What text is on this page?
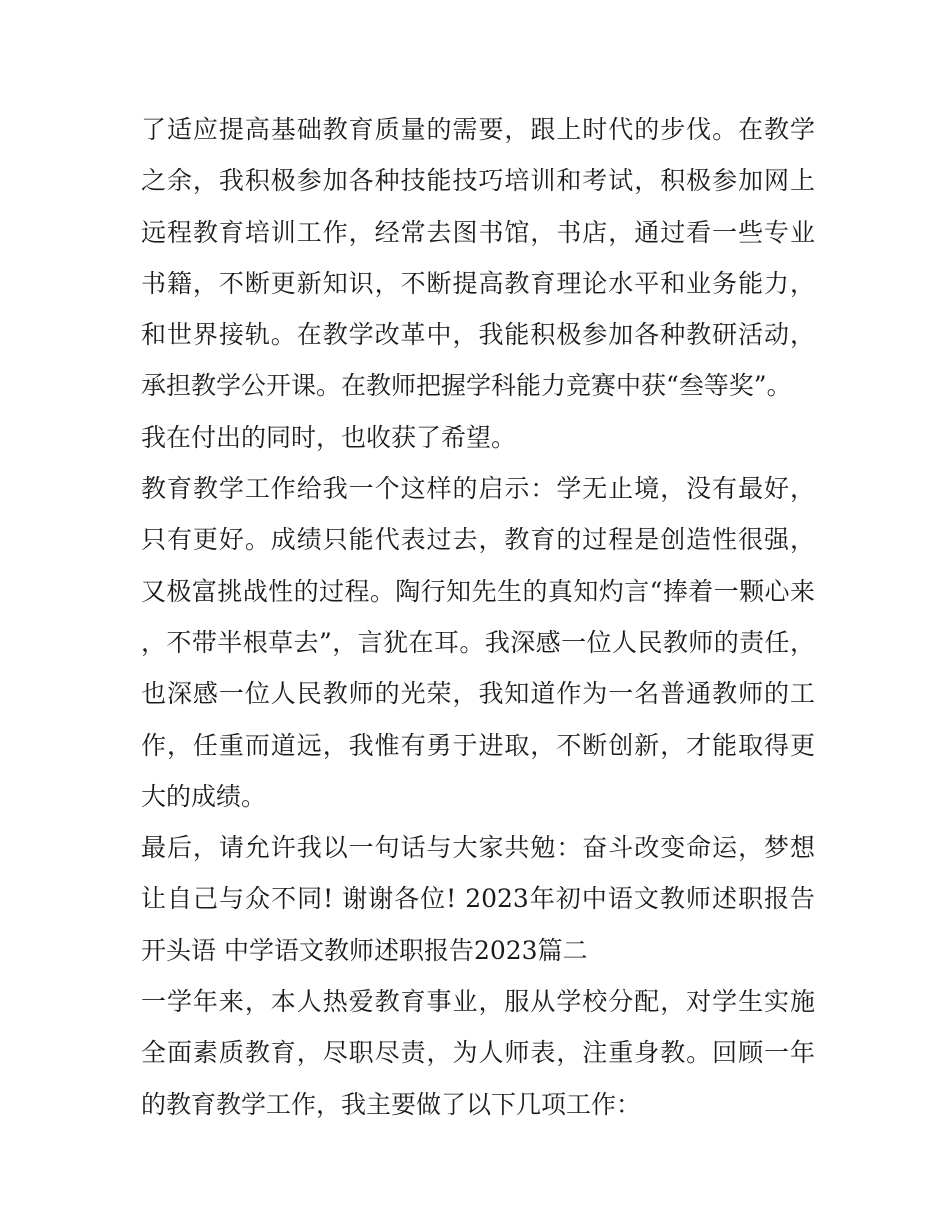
了适应提高基础教育质量的需要，跟上时代的步伐。在教学之余，我积极参加各种技能技巧培训和考试，积极参加网上远程教育培训工作，经常去图书馆，书店，通过看一些专业书籍，不断更新知识，不断提高教育理论水平和业务能力，和世界接轨。在教学改革中，我能积极参加各种教研活动，承担教学公开课。在教师把握学科能力竞赛中获“叁等奖”。

我在付出的同时，也收获了希望。

教育教学工作给我一个这样的启示：学无止境，没有最好，只有更好。成绩只能代表过去，教育的过程是创造性很强，又极富挑战性的过程。陶行知先生的真知灼言“捧着一颗心来，不带半根草去”，言犹在耳。我深感一位人民教师的责任，也深感一位人民教师的光荣，我知道作为一名普通教师的工作，任重而道远，我惟有勇于进取，不断创新，才能取得更大的成绩。

最后，请允许我以一句话与大家共勉：奋斗改变命运，梦想让自己与众不同! 谢谢各位! 2023年初中语文教师述职报告开头语 中学语文教师述职报告2023篇二

一学年来，本人热爱教育事业，服从学校分配，对学生实施全面素质教育，尽职尽责，为人师表，注重身教。回顾一年的教育教学工作，我主要做了以下几项工作：
